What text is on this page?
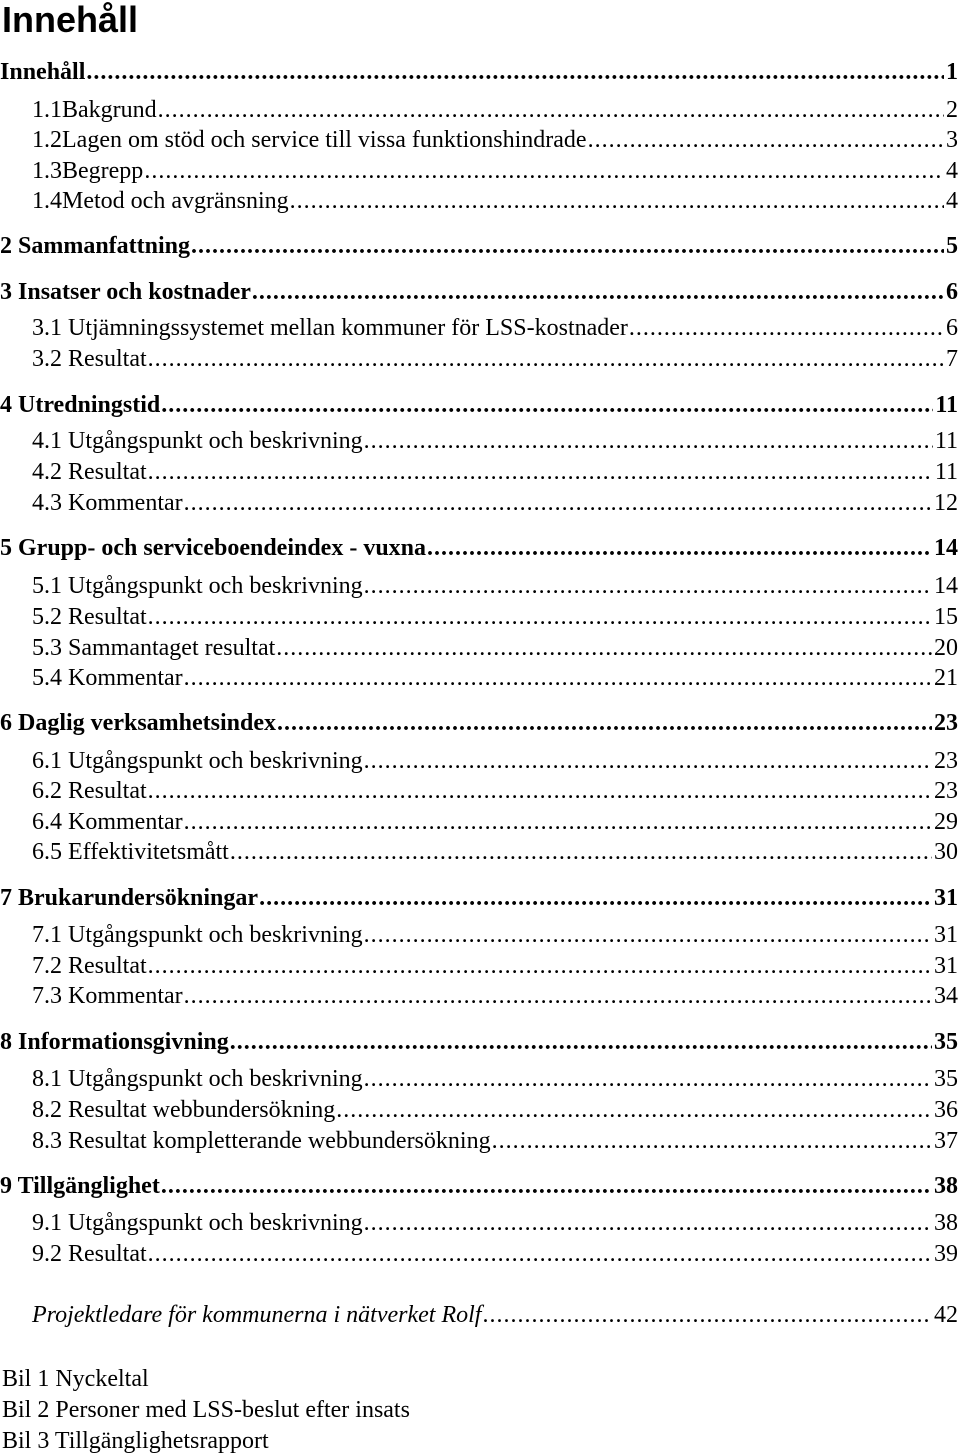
Innehåll
Innehåll .....	1
1.1 Bakgrund .....	2
1.2 Lagen om stöd och service till vissa funktionshindrade .....	3
1.3 Begrepp .....	4
1.4 Metod och avgränsning .....	4
2 Sammanfattning .....	5
3 Insatser och kostnader .....	6
3.1 Utjämningssystemet mellan kommuner för LSS-kostnader .....	6
3.2 Resultat .....	7
4 Utredningstid .....	11
4.1 Utgångspunkt och beskrivning .....	11
4.2 Resultat .....	11
4.3 Kommentar .....	12
5 Grupp- och serviceboendeindex - vuxna .....	14
5.1 Utgångspunkt och beskrivning .....	14
5.2 Resultat .....	15
5.3 Sammantaget resultat .....	20
5.4 Kommentar .....	21
6 Daglig verksamhetsindex .....	23
6.1 Utgångspunkt och beskrivning .....	23
6.2 Resultat .....	23
6.4 Kommentar .....	29
6.5 Effektivitetsmått .....	30
7 Brukarundersökningar .....	31
7.1 Utgångspunkt och beskrivning .....	31
7.2 Resultat .....	31
7.3 Kommentar .....	34
8 Informationsgivning .....	35
8.1 Utgångspunkt och beskrivning .....	35
8.2 Resultat webbundersökning .....	36
8.3 Resultat kompletterande webbundersökning .....	37
9 Tillgänglighet .....	38
9.1 Utgångspunkt och beskrivning .....	38
9.2 Resultat .....	39
Projektledare för kommunerna i nätverket Rolf .....	42
Bil 1 Nyckeltal
Bil 2 Personer med LSS-beslut efter insats
Bil 3 Tillgänglighetsrapport
